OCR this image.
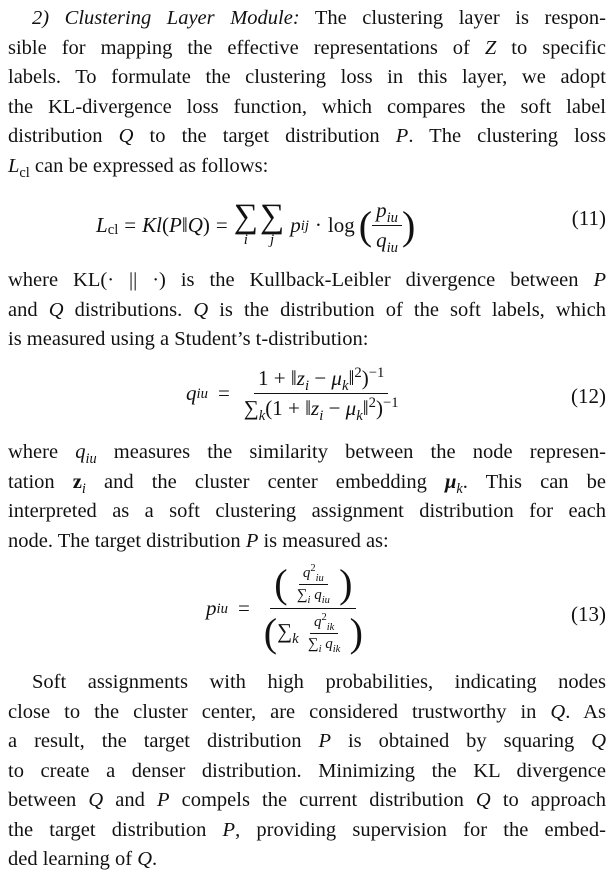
2) Clustering Layer Module: The clustering layer is respon-
sible for mapping the effective representations of Z to specific
labels. To formulate the clustering loss in this layer, we adopt
the KL-divergence loss function, which compares the soft label
distribution Q to the target distribution P. The clustering loss
$L_{cl}$ can be expressed as follows:
L cl = Kl ( P ‖ Q ) = ∑
i
∑
j
p ij · log ( $\frac{p_{iu}}{q_{iu}}$ )	(11)
where KL(· || ·) is the Kullback-Leibler divergence between P
and Q distributions. Q is the distribution of the soft labels, which
is measured using a Student’s t-distribution:
q iu = $\frac{1 + ‖z_i - \mu_k‖^2)^{-1}}{\sum_k(1 + ‖z_i - \mu_k‖^2)^{-1}}$	(12)
where $q_{iu}$ measures the similarity between the node represen-
tation $z_i$ and the cluster center embedding $\mu_k$. This can be
interpreted as a soft clustering assignment distribution for each
node. The target distribution P is measured as:
p iu = $\frac{( \frac{q^2_{iu}}{\sum_i q_{iu}} )}{(\sum_k \frac{q^2_{ik}}{\sum_i q_{ik}} )}$	(13)
Soft assignments with high probabilities, indicating nodes
close to the cluster center, are considered trustworthy in Q. As
a result, the target distribution P is obtained by squaring Q
to create a denser distribution. Minimizing the KL divergence
between Q and P compels the current distribution Q to approach
the target distribution P, providing supervision for the embed-
ded learning of Q.
